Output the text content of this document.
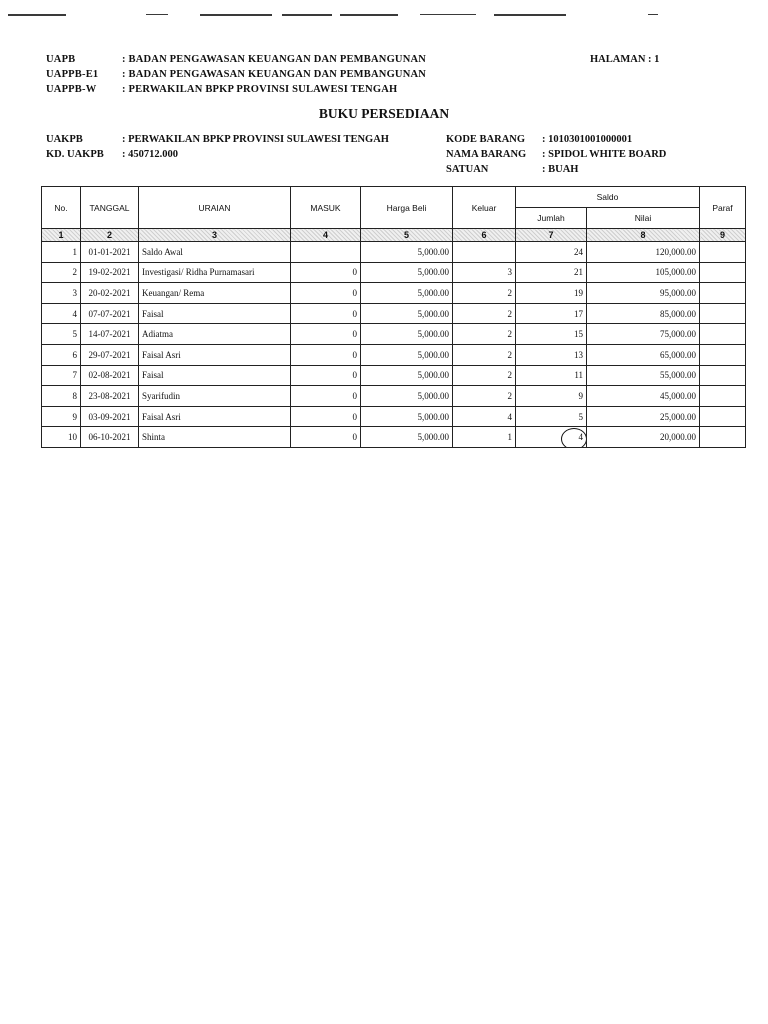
UAPB	: BADAN PENGAWASAN KEUANGAN DAN PEMBANGUNAN
UAPPB-E1 : BADAN PENGAWASAN KEUANGAN DAN PEMBANGUNAN
UAPPB-W : PERWAKILAN BPKP PROVINSI SULAWESI TENGAH
HALAMAN : 1
BUKU PERSEDIAAN
UAKPB	: PERWAKILAN BPKP PROVINSI SULAWESI TENGAH
KD. UAKPB : 450712.000
KODE BARANG : 1010301001000001
NAMA BARANG : SPIDOL WHITE BOARD
SATUAN	: BUAH
No.	TANGGAL	URAIAN	MASUK	Harga Beli	Keluar	Saldo		Paraf
						Jumlah	Nilai	
1	2	3	4	5	6	7	8	9
1	01-01-2021	Saldo Awal		5,000.00		24	120,000.00	
2	19-02-2021	Investigasi/ Ridha Purnamasari	0	5,000.00	3	21	105,000.00	
3	20-02-2021	Keuangan/ Rema	0	5,000.00	2	19	95,000.00	
4	07-07-2021	Faisal	0	5,000.00	2	17	85,000.00	
5	14-07-2021	Adiatma	0	5,000.00	2	15	75,000.00	
6	29-07-2021	Faisal Asri	0	5,000.00	2	13	65,000.00	
7	02-08-2021	Faisal	0	5,000.00	2	11	55,000.00	
8	23-08-2021	Syarifudin	0	5,000.00	2	9	45,000.00	
9	03-09-2021	Faisal Asri	0	5,000.00	4	5	25,000.00	
10	06-10-2021	Shinta	0	5,000.00	1	4	20,000.00	
